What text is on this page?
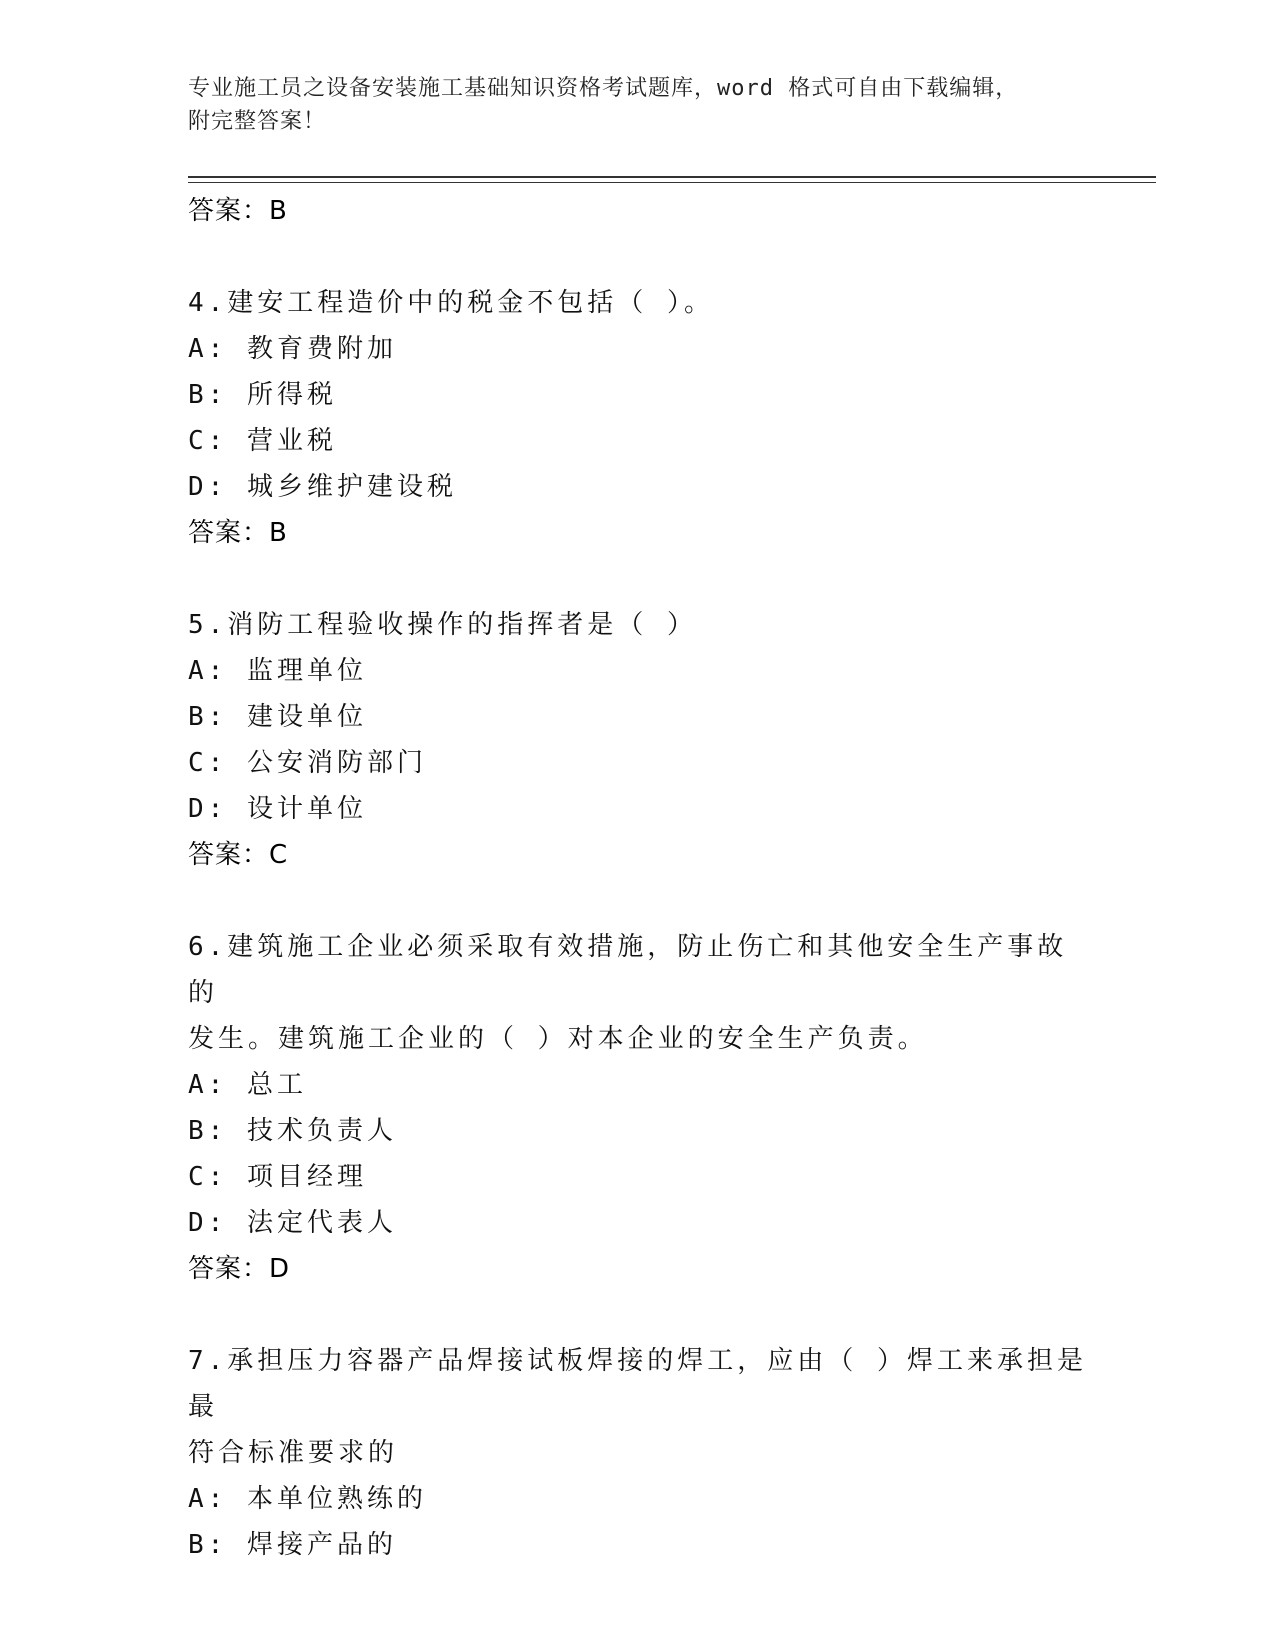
专业施工员之设备安装施工基础知识资格考试题库，word 格式可自由下载编辑，
附完整答案！

答案：B

4.建安工程造价中的税金不包括（ ）。

A: 教育费附加

B: 所得税

C: 营业税

D: 城乡维护建设税

答案：B

5.消防工程验收操作的指挥者是（ ）

A: 监理单位

B: 建设单位

C: 公安消防部门

D: 设计单位

答案：C

6.建筑施工企业必须采取有效措施，防止伤亡和其他安全生产事故的

发生。建筑施工企业的（ ）对本企业的安全生产负责。

A: 总工

B: 技术负责人

C: 项目经理

D: 法定代表人

答案：D

7.承担压力容器产品焊接试板焊接的焊工，应由（ ）焊工来承担是最

符合标准要求的

A: 本单位熟练的

B: 焊接产品的
